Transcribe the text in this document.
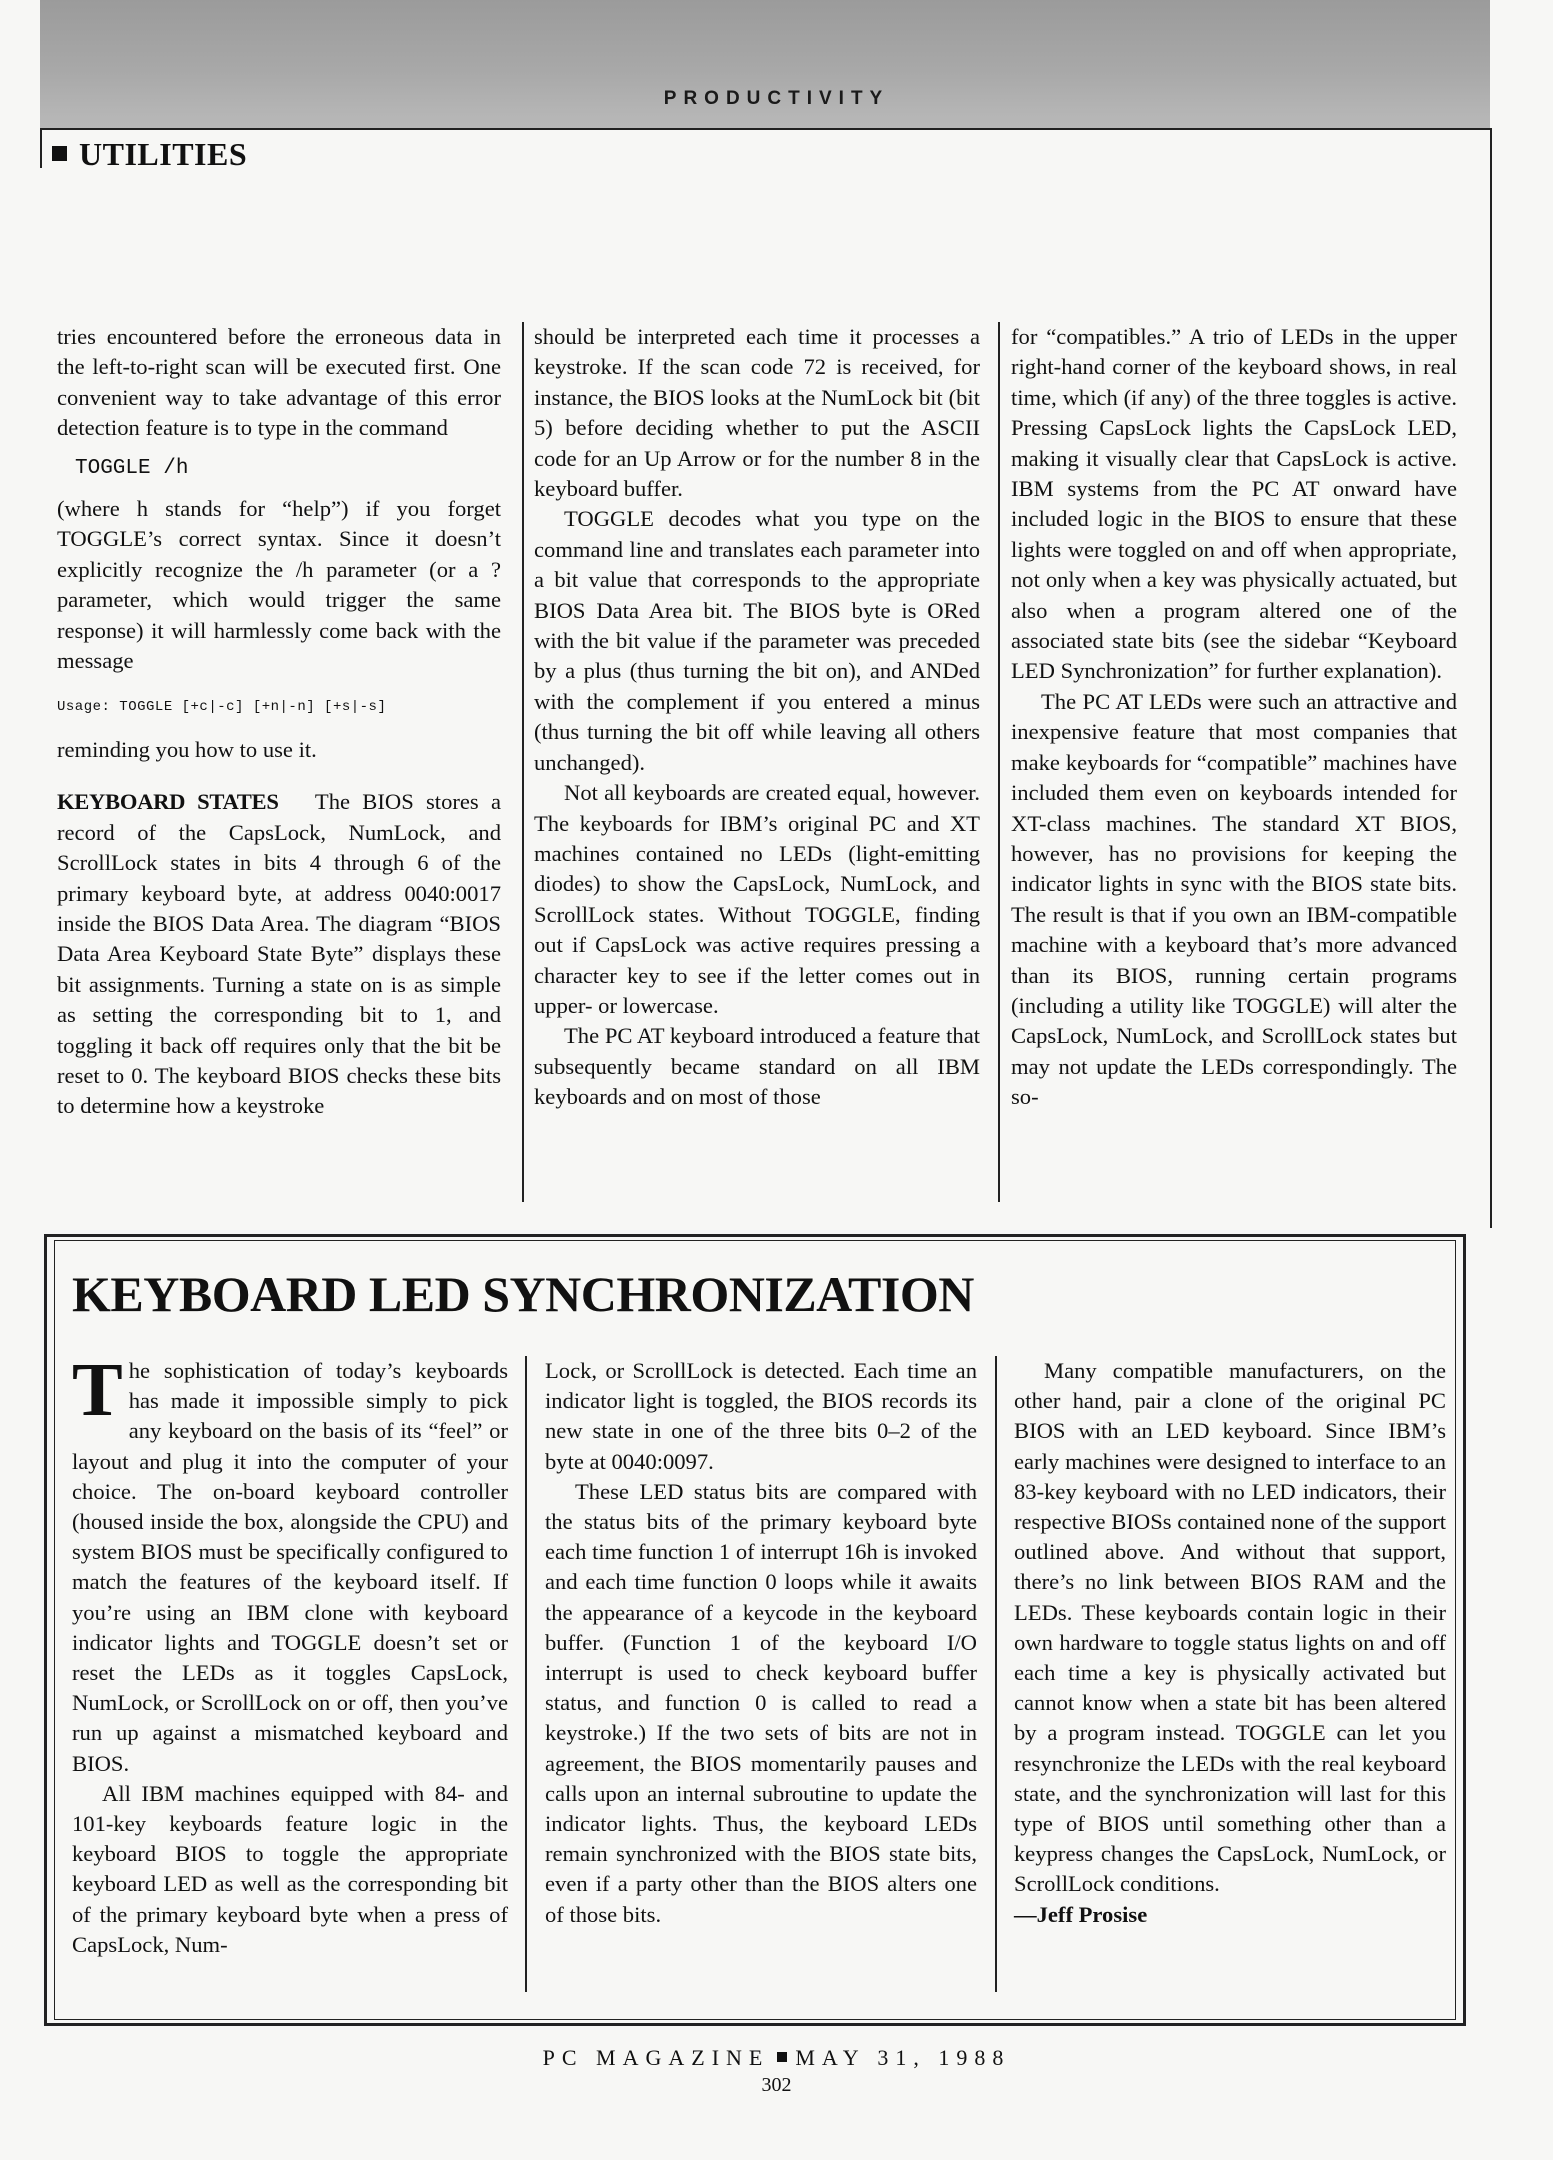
PRODUCTIVITY
UTILITIES

tries encountered before the erroneous data in the left-to-right scan will be executed first. One convenient way to take advantage of this error detection feature is to type in the command

TOGGLE /h

(where h stands for “help”) if you forget TOGGLE’s correct syntax. Since it doesn’t explicitly recognize the /h parameter (or a ? parameter, which would trigger the same response) it will harmlessly come back with the message

Usage: TOGGLE [+c|-c] [+n|-n] [+s|-s]

reminding you how to use it.

KEYBOARD STATES The BIOS stores a record of the CapsLock, NumLock, and ScrollLock states in bits 4 through 6 of the primary keyboard byte, at address 0040:0017 inside the BIOS Data Area. The diagram “BIOS Data Area Keyboard State Byte” displays these bit assignments. Turning a state on is as simple as setting the corresponding bit to 1, and toggling it back off requires only that the bit be reset to 0. The keyboard BIOS checks these bits to determine how a keystroke

should be interpreted each time it processes a keystroke. If the scan code 72 is received, for instance, the BIOS looks at the NumLock bit (bit 5) before deciding whether to put the ASCII code for an Up Arrow or for the number 8 in the keyboard buffer.

TOGGLE decodes what you type on the command line and translates each parameter into a bit value that corresponds to the appropriate BIOS Data Area bit. The BIOS byte is ORed with the bit value if the parameter was preceded by a plus (thus turning the bit on), and ANDed with the complement if you entered a minus (thus turning the bit off while leaving all others unchanged).

Not all keyboards are created equal, however. The keyboards for IBM’s original PC and XT machines contained no LEDs (light-emitting diodes) to show the CapsLock, NumLock, and ScrollLock states. Without TOGGLE, finding out if CapsLock was active requires pressing a character key to see if the letter comes out in upper- or lowercase.

The PC AT keyboard introduced a feature that subsequently became standard on all IBM keyboards and on most of those

for “compatibles.” A trio of LEDs in the upper right-hand corner of the keyboard shows, in real time, which (if any) of the three toggles is active. Pressing CapsLock lights the CapsLock LED, making it visually clear that CapsLock is active. IBM systems from the PC AT onward have included logic in the BIOS to ensure that these lights were toggled on and off when appropriate, not only when a key was physically actuated, but also when a program altered one of the associated state bits (see the sidebar “Keyboard LED Synchronization” for further explanation).

The PC AT LEDs were such an attractive and inexpensive feature that most companies that make keyboards for “compatible” machines have included them even on keyboards intended for XT-class machines. The standard XT BIOS, however, has no provisions for keeping the indicator lights in sync with the BIOS state bits. The result is that if you own an IBM-compatible machine with a keyboard that’s more advanced than its BIOS, running certain programs (including a utility like TOGGLE) will alter the CapsLock, NumLock, and ScrollLock states but may not update the LEDs correspondingly. The so-

KEYBOARD LED SYNCHRONIZATION

The sophistication of today’s keyboards has made it impossible simply to pick any keyboard on the basis of its “feel” or layout and plug it into the computer of your choice. The on-board keyboard controller (housed inside the box, alongside the CPU) and system BIOS must be specifically configured to match the features of the keyboard itself. If you’re using an IBM clone with keyboard indicator lights and TOGGLE doesn’t set or reset the LEDs as it toggles CapsLock, NumLock, or ScrollLock on or off, then you’ve run up against a mismatched keyboard and BIOS.

All IBM machines equipped with 84- and 101-key keyboards feature logic in the keyboard BIOS to toggle the appropriate keyboard LED as well as the corresponding bit of the primary keyboard byte when a press of CapsLock, Num-

Lock, or ScrollLock is detected. Each time an indicator light is toggled, the BIOS records its new state in one of the three bits 0–2 of the byte at 0040:0097.

These LED status bits are compared with the status bits of the primary keyboard byte each time function 1 of interrupt 16h is invoked and each time function 0 loops while it awaits the appearance of a keycode in the keyboard buffer. (Function 1 of the keyboard I/O interrupt is used to check keyboard buffer status, and function 0 is called to read a keystroke.) If the two sets of bits are not in agreement, the BIOS momentarily pauses and calls upon an internal subroutine to update the indicator lights. Thus, the keyboard LEDs remain synchronized with the BIOS state bits, even if a party other than the BIOS alters one of those bits.

Many compatible manufacturers, on the other hand, pair a clone of the original PC BIOS with an LED keyboard. Since IBM’s early machines were designed to interface to an 83-key keyboard with no LED indicators, their respective BIOSs contained none of the support outlined above. And without that support, there’s no link between BIOS RAM and the LEDs. These keyboards contain logic in their own hardware to toggle status lights on and off each time a key is physically activated but cannot know when a state bit has been altered by a program instead. TOGGLE can let you resynchronize the LEDs with the real keyboard state, and the synchronization will last for this type of BIOS until something other than a keypress changes the CapsLock, NumLock, or ScrollLock conditions.

—Jeff Prosise

PC MAGAZINE MAY 31, 1988
302
